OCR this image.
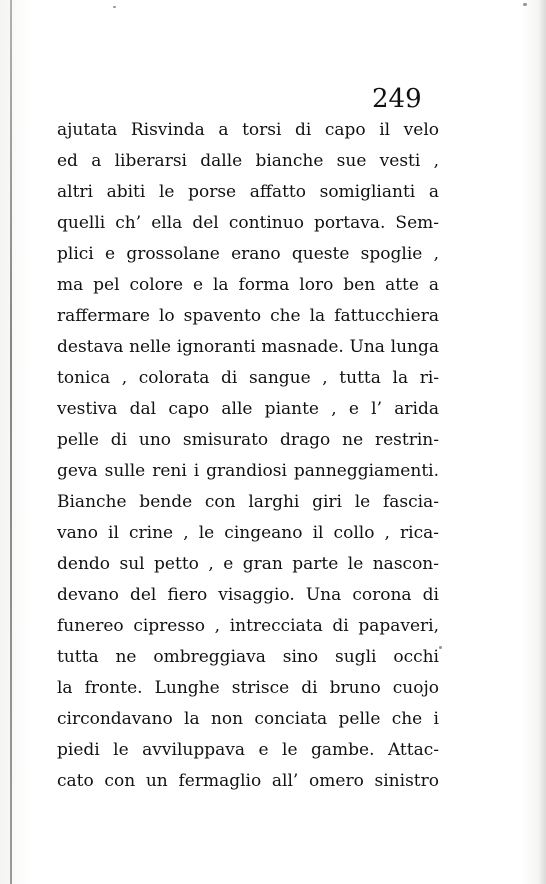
249
ajutata Risvinda a torsi di capo il velo
ed a liberarsi dalle bianche sue vesti ,
altri abiti le porse affatto somiglianti a
quelli ch’ ella del continuo portava. Sem-
plici e grossolane erano queste spoglie ,
ma pel colore e la forma loro ben atte a
raffermare lo spavento che la fattucchiera
destava nelle ignoranti masnade. Una lunga
tonica , colorata di sangue , tutta la ri-
vestiva dal capo alle piante , e l’ arida
pelle di uno smisurato drago ne restrin-
geva sulle reni i grandiosi panneggiamenti.
Bianche bende con larghi giri le fascia-
vano il crine , le cingeano il collo , rica-
dendo sul petto , e gran parte le nascon-
devano del fiero visaggio. Una corona di
funereo cipresso , intrecciata di papaveri,
tutta ne ombreggiava sino sugli occhi
la fronte. Lunghe strisce di bruno cuojo
circondavano la non conciata pelle che i
piedi le avviluppava e le gambe. Attac-
cato con un fermaglio all’ omero sinistro
